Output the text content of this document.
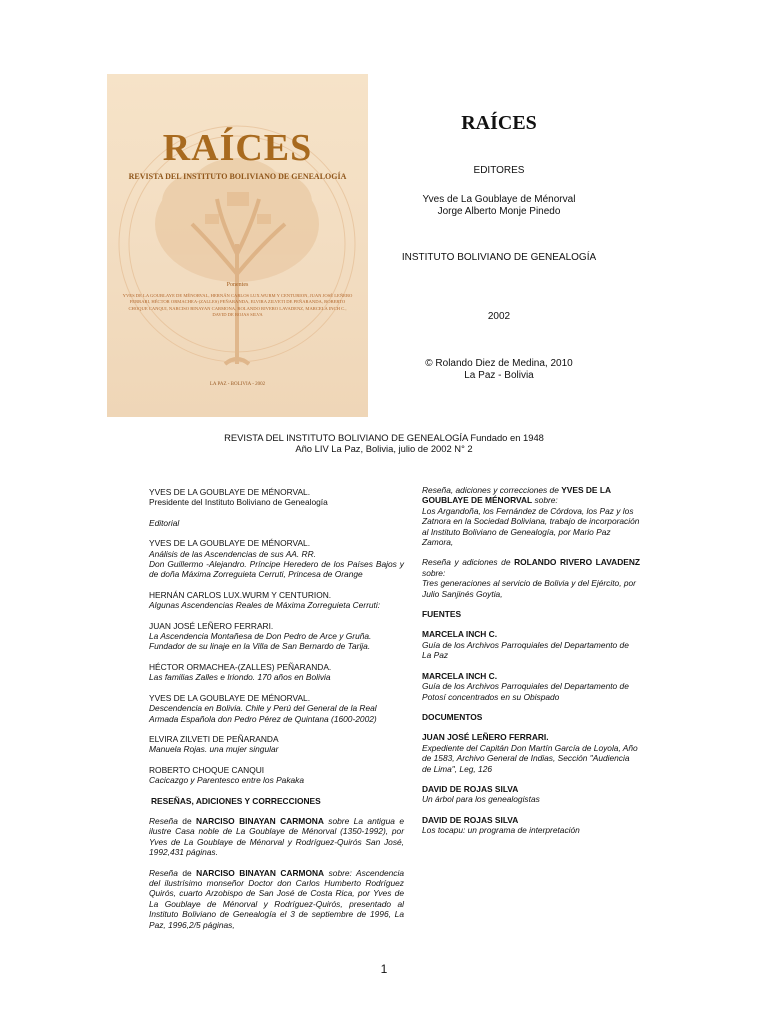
RAÍCES
REVISTA DEL INSTITUTO BOLIVIANO DE GENEALOGÍA
Ponentes
YVES DE LA GOUBLAYE DE MÉNORVAL, HERNÁN CARLOS LUX.WURM Y CENTURION, JUAN JOSÉ LEÑERO FERRARI, HÉCTOR ORMACHEA-(ZALLES) PEÑARANDA, ELVIRA ZILVETI DE PEÑARANDA, ROBERTO CHOQUE CANQUI, NARCISO BINAYAN CARMONA, ROLANDO RIVERO LAVADENZ, MARCELA INCH C., DAVID DE ROJAS SILVA
LA PAZ - BOLIVIA - 2002
RAÍCES
EDITORES
Yves de La Goublaye de Ménorval
Jorge Alberto Monje Pinedo
INSTITUTO BOLIVIANO DE GENEALOGÍA
2002
© Rolando Diez de Medina, 2010
La Paz - Bolivia
REVISTA DEL INSTITUTO BOLIVIANO DE GENEALOGÍA Fundado en 1948
Año LIV La Paz, Bolivia, julio de 2002 N° 2
YVES DE LA GOUBLAYE DE MÉNORVAL.
Presidente del Instituto Boliviano de Genealogía
Editorial
YVES DE LA GOUBLAYE DE MÉNORVAL.
Análisis de las Ascendencias de sus AA. RR.
Don Guillermo -Alejandro. Príncipe Heredero de los Países Bajos y de doña Máxima Zorreguieta Cerruti, Princesa de Orange
HERNÁN CARLOS LUX.WURM Y CENTURION.
Algunas Ascendencias Reales de Máxima Zorreguieta Cerruti:
JUAN JOSÉ LEÑERO FERRARI.
La Ascendencia Montañesa de Don Pedro de Arce y Gruña. Fundador de su linaje en la Villa de San Bernardo de Tarija.
HÉCTOR ORMACHEA-(ZALLES) PEÑARANDA.
Las familias Zalles e Iriondo. 170 años en Bolivia
YVES DE LA GOUBLAYE DE MÉNORVAL.
Descendencia en Bolivia. Chile y Perú del General de la Real Armada Española don Pedro Pérez de Quintana (1600-2002)
ELVIRA ZILVETI DE PEÑARANDA
Manuela Rojas. una mujer singular
ROBERTO CHOQUE CANQUI
Cacicazgo y Parentesco entre los Pakaka
RESEÑAS, ADICIONES Y CORRECCIONES
Reseña de NARCISO BINAYAN CARMONA sobre La antigua e ilustre Casa noble de La Goublaye de Ménorval (1350-1992), por Yves de La Goublaye de Ménorval y Rodríguez-Quirós San José, 1992,431 páginas.
Reseña de NARCISO BINAYAN CARMONA sobre: Ascendencia del ilustrísimo monseñor Doctor don Carlos Humberto Rodríguez Quirós, cuarto Arzobispo de San José de Costa Rica, por Yves de La Goublaye de Ménorval y Rodríguez-Quirós, presentado al Instituto Boliviano de Genealogía el 3 de septiembre de 1996, La Paz, 1996,2/5 páginas,
Reseña, adiciones y correcciones de YVES DE LA GOUBLAYE DE MÉNORVAL sobre:
Los Argandoña, los Fernández de Córdova, los Paz y los Zatnora en la Sociedad Boliviana, trabajo de incorporación al Instituto Boliviano de Genealogía, por Mario Paz Zamora,
Reseña y adiciones de ROLANDO RIVERO LAVADENZ sobre:
Tres generaciones al servicio de Bolivia y del Ejército, por Julio Sanjinés Goytia,
FUENTES
MARCELA INCH C.
Guía de los Archivos Parroquiales del Departamento de La Paz
MARCELA INCH C.
Guía de los Archivos Parroquiales del Departamento de Potosí concentrados en su Obispado
DOCUMENTOS
JUAN JOSÉ LEÑERO FERRARI.
Expediente del Capitán Don Martín García de Loyola, Año de 1583, Archivo General de Indias, Sección "Audiencia de Lima", Leg, 126
DAVID DE ROJAS SILVA
Un árbol para los genealogistas
DAVID DE ROJAS SILVA
Los tocapu: un programa de interpretación
1
